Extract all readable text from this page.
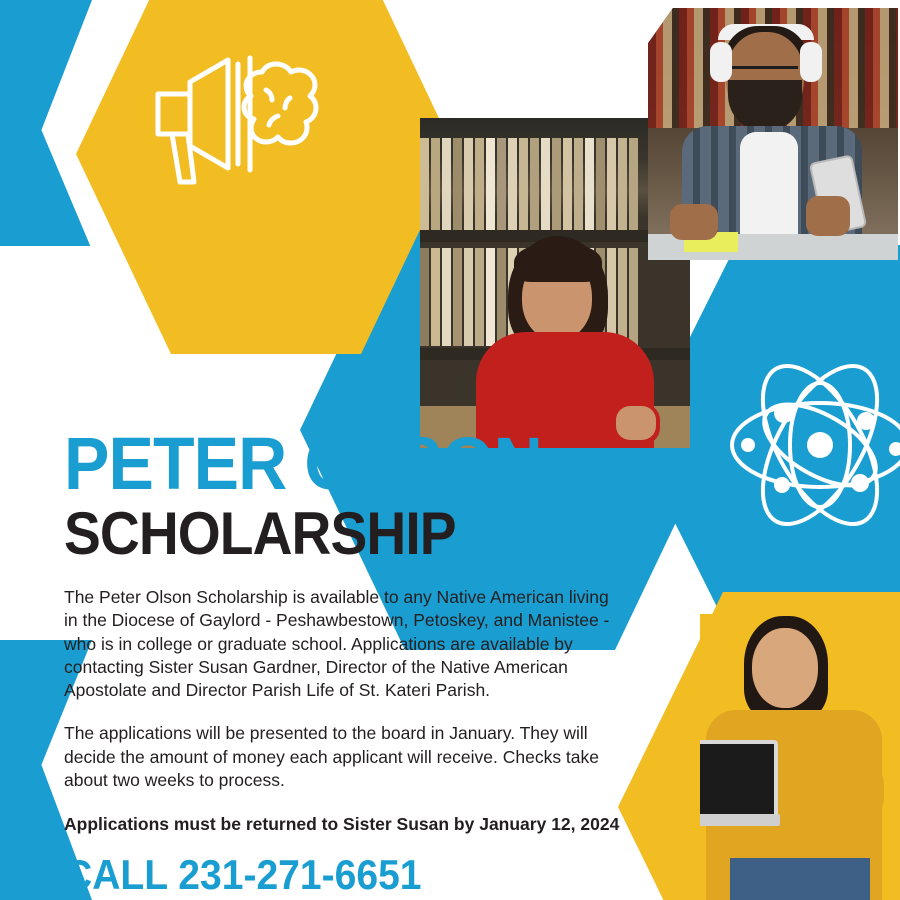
PETER OLSON
SCHOLARSHIP

The Peter Olson Scholarship is available to any Native American living in the Diocese of Gaylord - Peshawbestown, Petoskey, and Manistee - who is in college or graduate school. Applications are available by contacting Sister Susan Gardner, Director of the Native American Apostolate and Director Parish Life of St. Kateri Parish.

The applications will be presented to the board in January. They will decide the amount of money each applicant will receive. Checks take about two weeks to process.

Applications must be returned to Sister Susan by January 12, 2024

CALL 231-271-6651
